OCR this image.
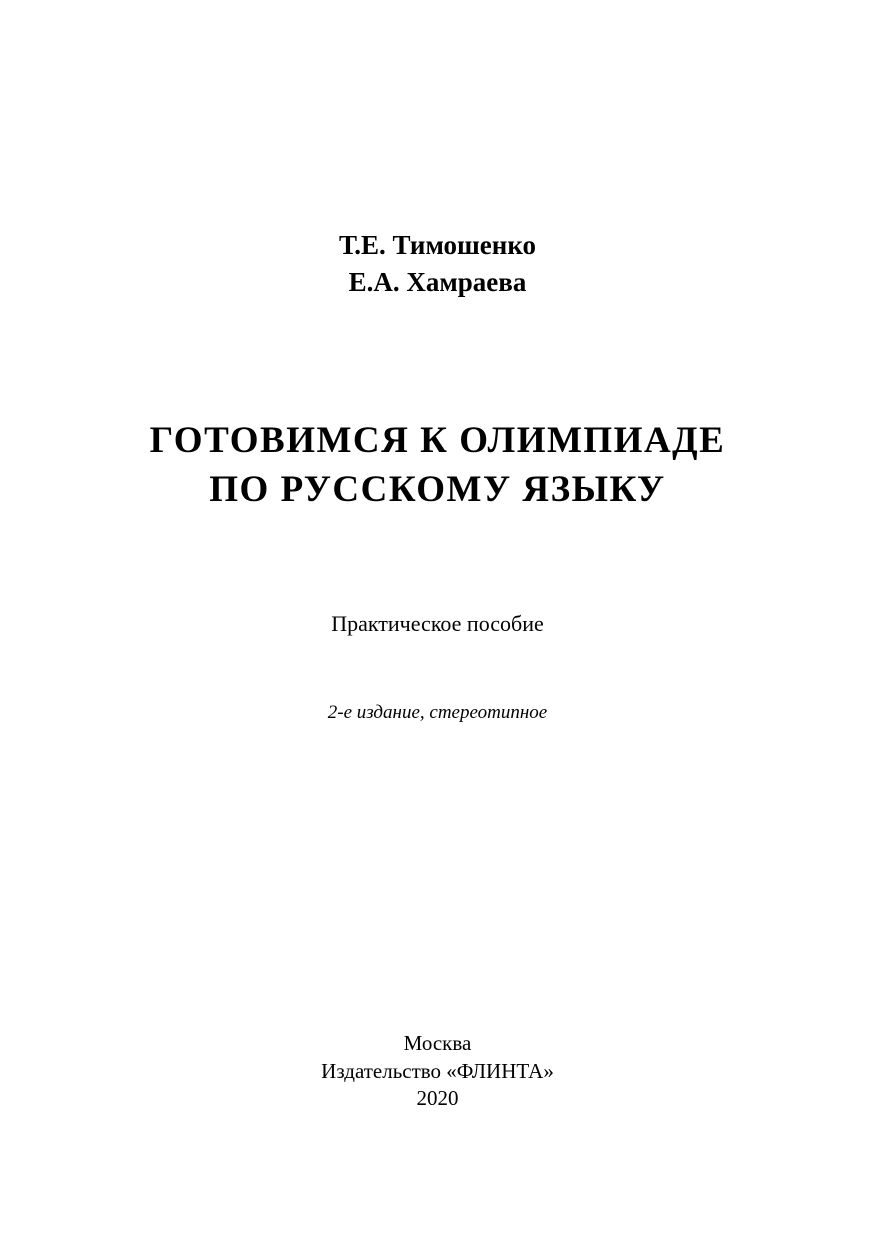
Т.Е. Тимошенко

Е.А. Хамраева

ГОТОВИМСЯ К ОЛИМПИАДЕ
ПО РУССКОМУ ЯЗЫКУ

Практическое пособие

2-е издание, стереотипное

Москва

Издательство «ФЛИНТА»

2020
